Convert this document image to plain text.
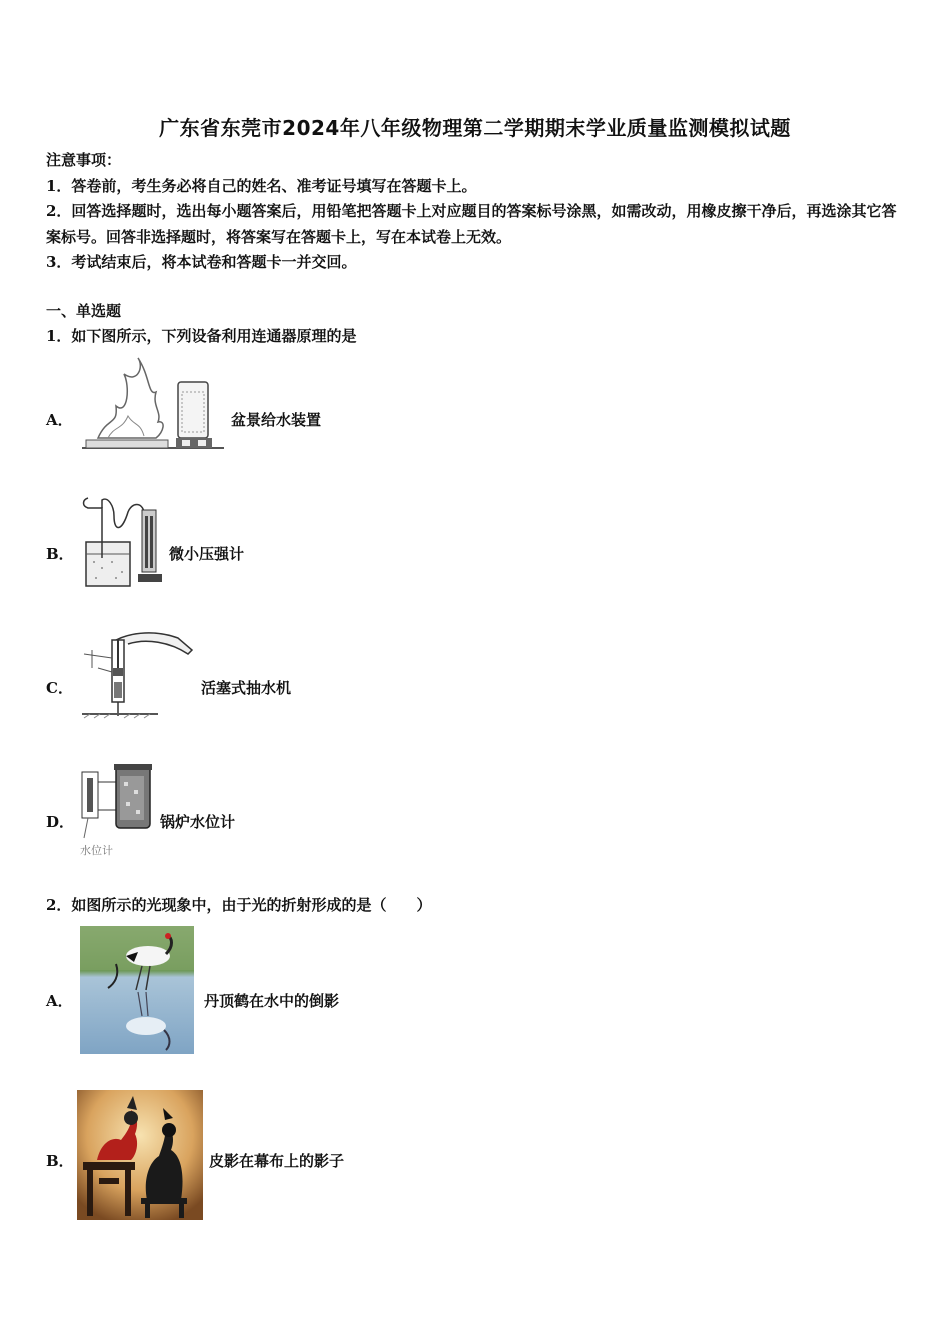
广东省东莞市2024年八年级物理第二学期期末学业质量监测模拟试题
注意事项：
1．答卷前，考生务必将自己的姓名、准考证号填写在答题卡上。
2．回答选择题时，选出每小题答案后，用铅笔把答题卡上对应题目的答案标号涂黑，如需改动，用橡皮擦干净后，再选涂其它答案标号。回答非选择题时，将答案写在答题卡上，写在本试卷上无效。
3．考试结束后，将本试卷和答题卡一并交回。
一、单选题
1．如下图所示，下列设备利用连通器原理的是
A．	盆景给水装置
B．	微小压强计
C．	活塞式抽水机
D．
水位计
锅炉水位计
2．如图所示的光现象中，由于光的折射形成的是（　　）
A．	丹顶鹤在水中的倒影
B．	皮影在幕布上的影子
